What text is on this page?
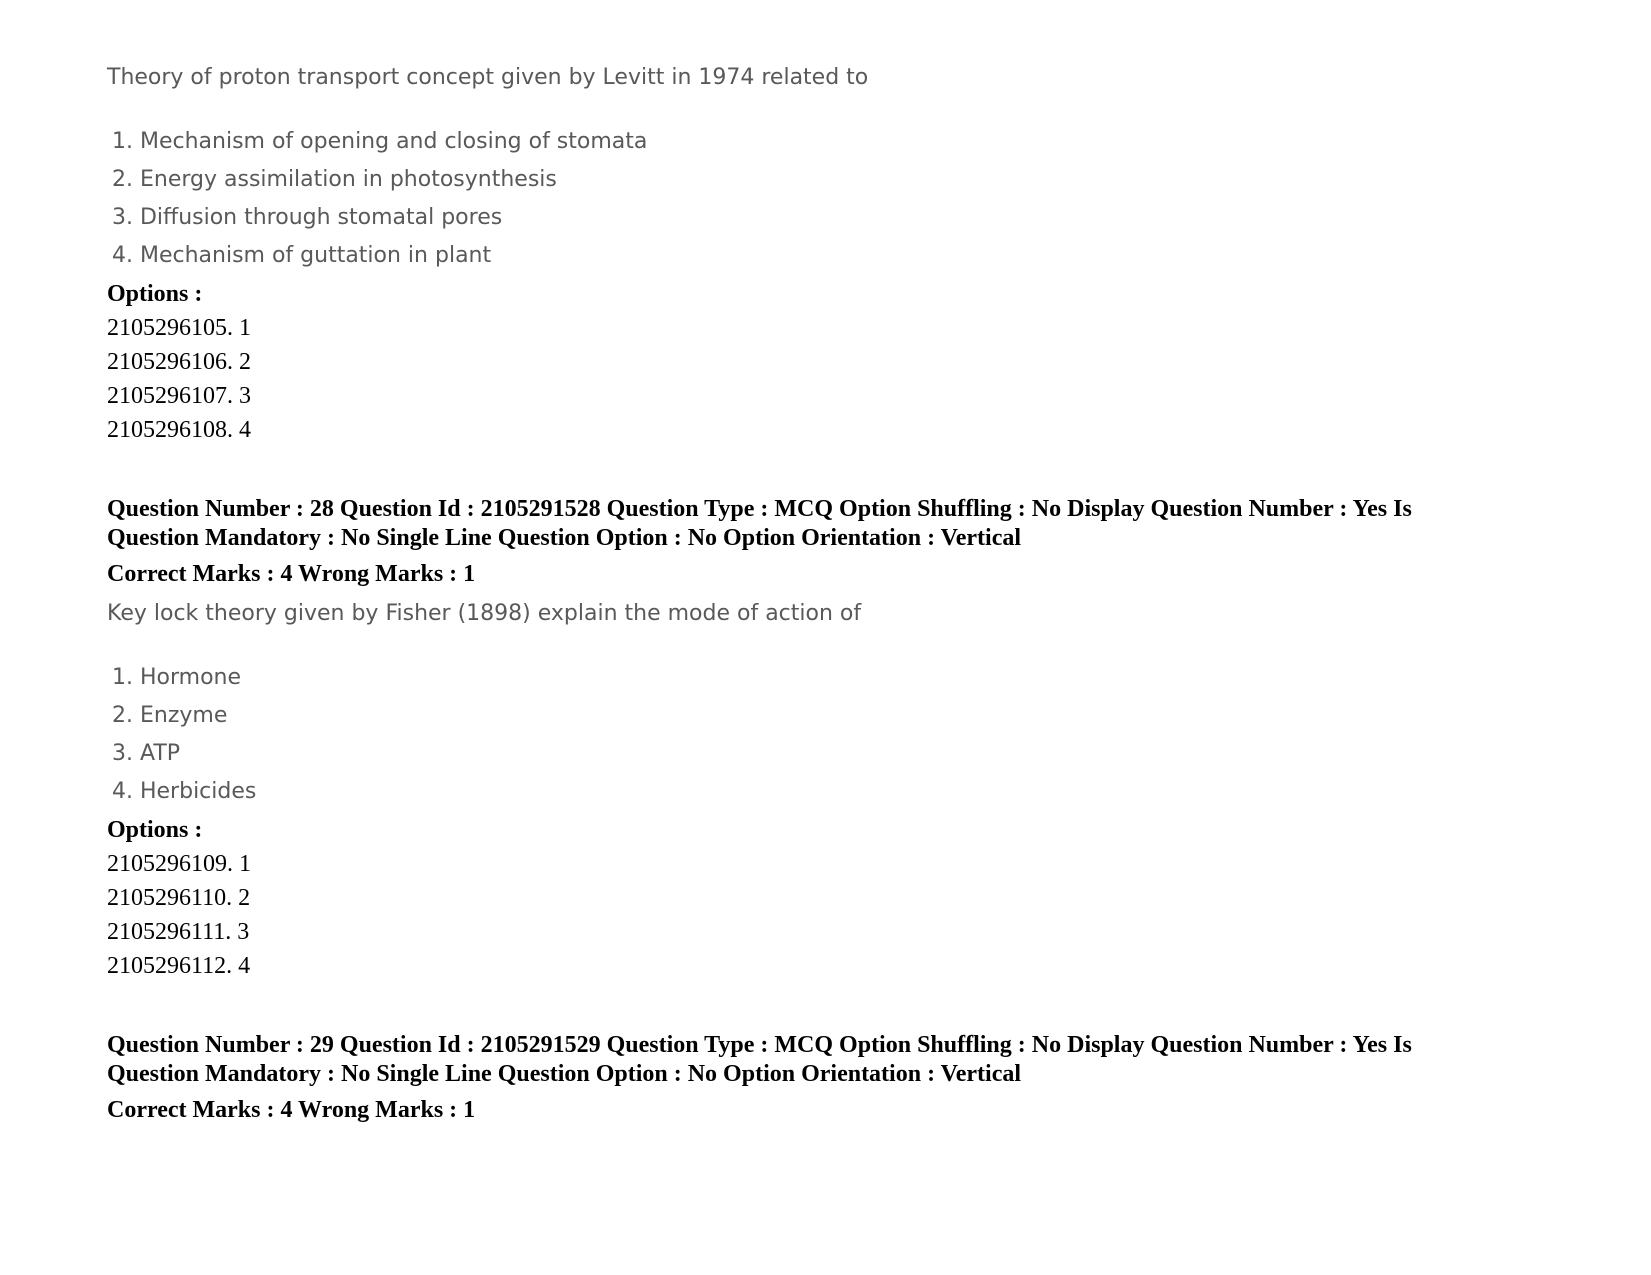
Theory of proton transport concept given by Levitt in 1974 related to

1. Mechanism of opening and closing of stomata
2. Energy assimilation in photosynthesis
3. Diffusion through stomatal pores
4. Mechanism of guttation in plant
Options :
2105296105. 1
2105296106. 2
2105296107. 3
2105296108. 4

Question Number : 28 Question Id : 2105291528 Question Type : MCQ Option Shuffling : No Display Question Number : Yes Is Question Mandatory : No Single Line Question Option : No Option Orientation : Vertical

Correct Marks : 4 Wrong Marks : 1

Key lock theory given by Fisher (1898) explain the mode of action of

1. Hormone
2. Enzyme
3. ATP
4. Herbicides
Options :
2105296109. 1
2105296110. 2
2105296111. 3
2105296112. 4

Question Number : 29 Question Id : 2105291529 Question Type : MCQ Option Shuffling : No Display Question Number : Yes Is Question Mandatory : No Single Line Question Option : No Option Orientation : Vertical

Correct Marks : 4 Wrong Marks : 1
